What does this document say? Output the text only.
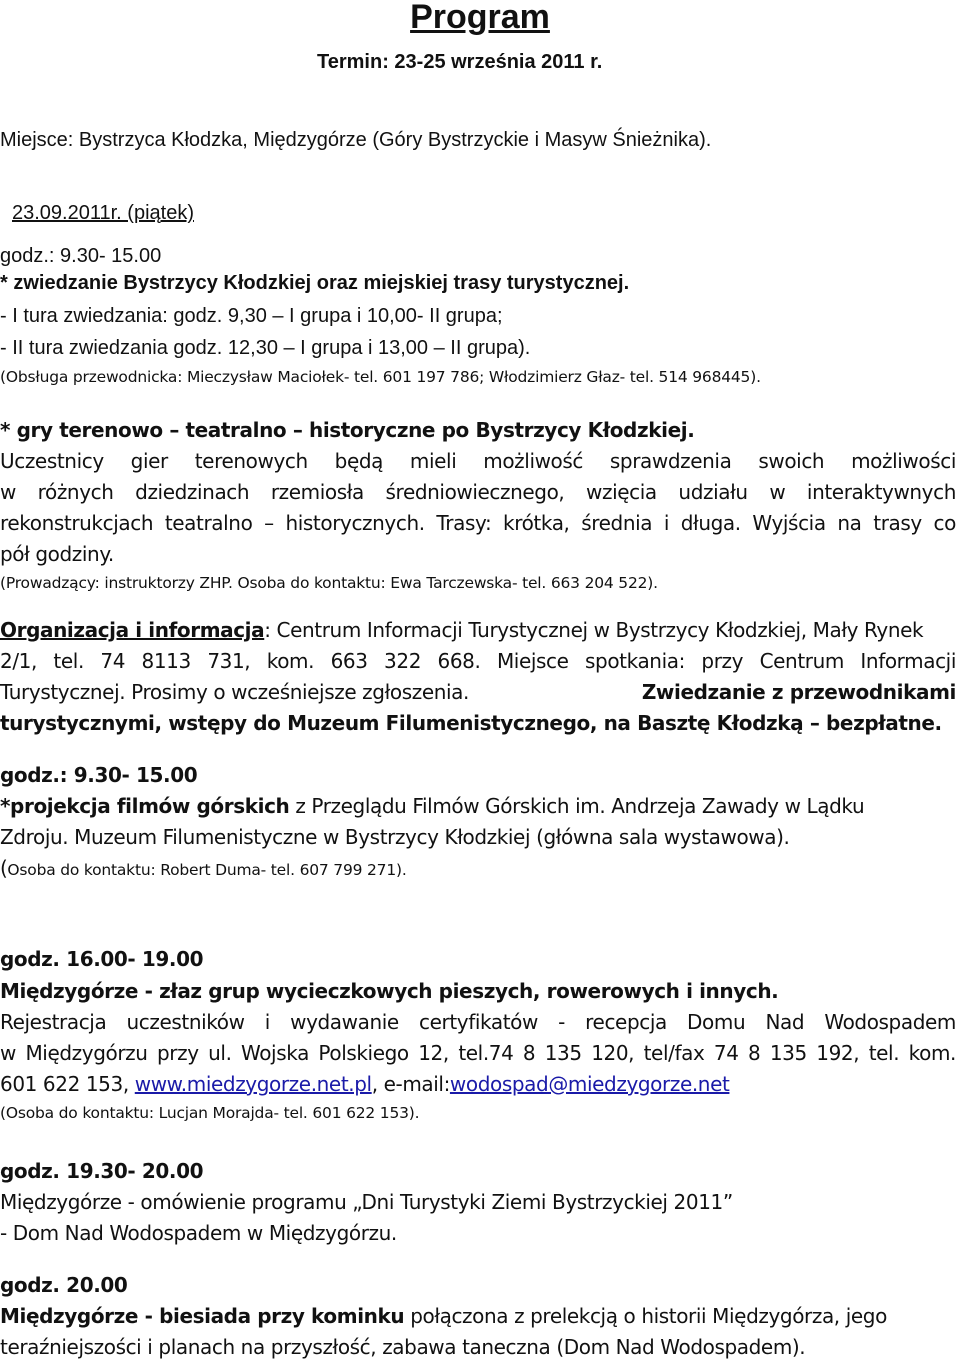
Program
Termin: 23-25 września 2011 r.
Miejsce: Bystrzyca Kłodzka, Międzygórze (Góry Bystrzyckie i Masyw Śnieżnika).
23.09.2011r. (piątek)
godz.: 9.30- 15.00
* zwiedzanie Bystrzycy Kłodzkiej oraz miejskiej trasy turystycznej.
- I tura zwiedzania: godz. 9,30 – I grupa i 10,00- II grupa;
- II tura zwiedzania godz. 12,30 – I grupa i 13,00 – II grupa).
(Obsługa przewodnicka: Mieczysław Maciołek- tel. 601 197 786; Włodzimierz Głaz- tel. 514 968445).
* gry terenowo – teatralno – historyczne po Bystrzycy Kłodzkiej.
Uczestnicy gier terenowych będą mieli możliwość sprawdzenia swoich możliwości
w różnych dziedzinach rzemiosła średniowiecznego, wzięcia udziału w interaktywnych
rekonstrukcjach teatralno – historycznych. Trasy: krótka, średnia i długa. Wyjścia na trasy co
pół godziny.
(Prowadzący: instruktorzy ZHP. Osoba do kontaktu: Ewa Tarczewska- tel. 663 204 522).
Organizacja i informacja: Centrum Informacji Turystycznej w Bystrzycy Kłodzkiej, Mały Rynek
2/1, tel. 74 8113 731, kom. 663 322 668. Miejsce spotkania: przy Centrum Informacji
Turystycznej. Prosimy o wcześniejsze zgłoszenia.	Zwiedzanie z przewodnikami
turystycznymi, wstępy do Muzeum Filumenistycznego, na Basztę Kłodzką – bezpłatne.
godz.: 9.30- 15.00
*projekcja filmów górskich z Przeglądu Filmów Górskich im. Andrzeja Zawady w Lądku
Zdroju. Muzeum Filumenistyczne w Bystrzycy Kłodzkiej (główna sala wystawowa).
(Osoba do kontaktu: Robert Duma- tel. 607 799 271).
godz. 16.00- 19.00
Międzygórze - złaz grup wycieczkowych pieszych, rowerowych i innych.
Rejestracja uczestników i wydawanie certyfikatów - recepcja Domu Nad Wodospadem
w Międzygórzu przy ul. Wojska Polskiego 12, tel.74 8 135 120, tel/fax 74 8 135 192, tel. kom.
601 622 153, www.miedzygorze.net.pl, e-mail:wodospad@miedzygorze.net
(Osoba do kontaktu: Lucjan Morajda- tel. 601 622 153).
godz. 19.30- 20.00
Międzygórze - omówienie programu „Dni Turystyki Ziemi Bystrzyckiej 2011”
- Dom Nad Wodospadem w Międzygórzu.
godz. 20.00
Międzygórze - biesiada przy kominku połączona z prelekcją o historii Międzygórza, jego
teraźniejszości i planach na przyszłość, zabawa taneczna (Dom Nad Wodospadem).
